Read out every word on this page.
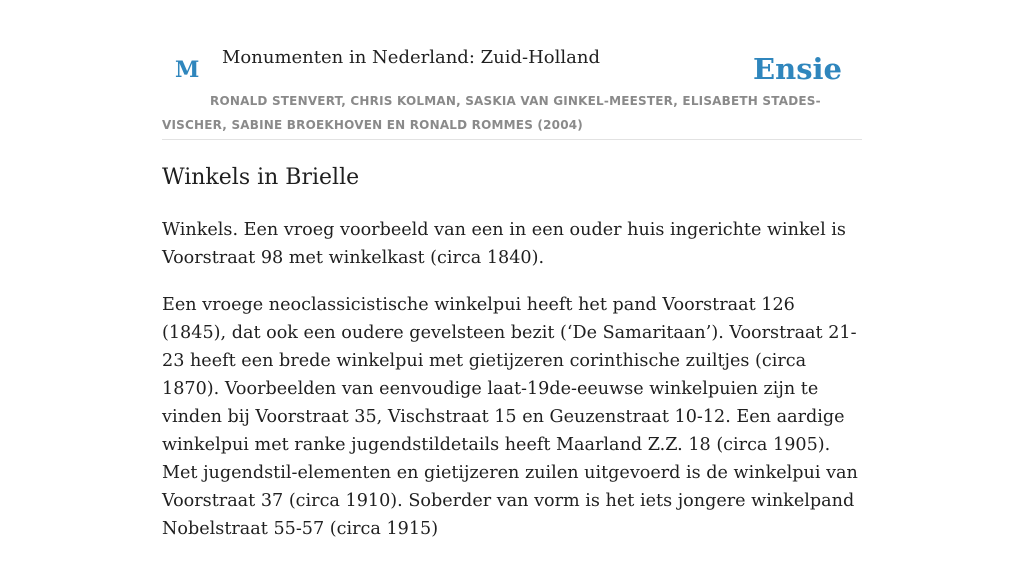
M Monumenten in Nederland: Zuid-Holland	Ensie
RONALD STENVERT, CHRIS KOLMAN, SASKIA VAN GINKEL-MEESTER, ELISABETH STADES-VISCHER, SABINE BROEKHOVEN EN RONALD ROMMES (2004)
Winkels in Brielle

Winkels. Een vroeg voorbeeld van een in een ouder huis ingerichte winkel is Voorstraat 98 met winkelkast (circa 1840).

Een vroege neoclassicistische winkelpui heeft het pand Voorstraat 126 (1845), dat ook een oudere gevelsteen bezit (‘De Samaritaan’). Voorstraat 21-23 heeft een brede winkelpui met gietijzeren corinthische zuiltjes (circa 1870). Voorbeelden van eenvoudige laat-19de-eeuwse winkelpuien zijn te vinden bij Voorstraat 35, Vischstraat 15 en Geuzenstraat 10-12. Een aardige winkelpui met ranke jugendstildetails heeft Maarland Z.Z. 18 (circa 1905). Met jugendstil-elementen en gietijzeren zuilen uitgevoerd is de winkelpui van Voorstraat 37 (circa 1910). Soberder van vorm is het iets jongere winkelpand Nobelstraat 55-57 (circa 1915)
